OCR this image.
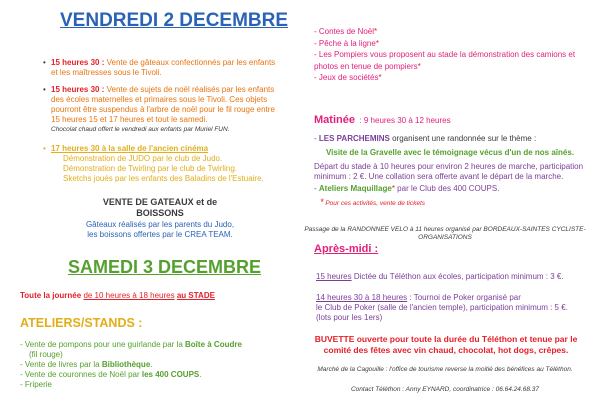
VENDREDI 2 DECEMBRE
• 15 heures 30 : Vente de gâteaux confectionnés par les enfants et les maîtresses sous le Tivoli.
• 15 heures 30 : Vente de sujets de noël réalisés par les enfants des écoles maternelles et primaires sous le Tivoli. Ces objets pourront être suspendus à l'arbre de noël pour le fil rouge entre 15 heures 15 et 17 heures et tout le samedi.
Chocolat chaud offert le vendredi aux enfants par Muriel FUN.
• 17 heures 30 à la salle de l'ancien cinéma
Démonstration de JUDO par le club de Judo.
Démonstration de Twirling par le club de Twirling.
Sketchs joués par les enfants des Baladins de l'Estuaire.
VENTE DE GATEAUX et de
BOISSONS
Gâteaux réalisés par les parents du Judo,
les boissons offertes par le CREA TEAM.
SAMEDI 3 DECEMBRE
Toute la journée de 10 heures à 18 heures au STADE
ATELIERS/STANDS :
- Vente de pompons pour une guirlande par la Boîte à Coudre
(fil rouge)
- Vente de livres par la Bibliothèque.
- Vente de couronnes de Noël par les 400 COUPS.
- Friperie
- Contes de Noël*
- Pêche à la ligne*
- Les Pompiers vous proposent au stade la démonstration des camions et photos en tenue de pompiers*
- Jeux de sociétés*
Matinée : 9 heures 30 à 12 heures
- LES PARCHEMINS organisent une randonnée sur le thème :
Visite de la Gravelle avec le témoignage vécus d'un de nos aînés.
Départ du stade à 10 heures pour environ 2 heures de marche, participation minimum : 2 €. Une collation sera offerte avant le départ de la marche.
- Ateliers Maquillage* par le Club des 400 COUPS.
* Pour ces activités, vente de tickets
Passage de la RANDONNEE VELO à 11 heures organisé par BORDEAUX-SAINTES CYCLISTE-ORGANISATIONS
Après-midi :
15 heures Dictée du Téléthon aux écoles, participation minimum : 3 €.
14 heures 30 à 18 heures : Tournoi de Poker organisé par
le Club de Poker (salle de l'ancien temple), participation minimum : 5 €.
(lots pour les 1ers)
BUVETTE ouverte pour toute la durée du Téléthon et tenue par le
comité des fêtes avec vin chaud, chocolat, hot dogs, crêpes.
Marché de la Cagouille : l'office de tourisme reverse la moitié des bénéfices au Téléthon.
Contact Téléthon : Anny EYNARD, coordinatrice : 06.64.24.68.37
